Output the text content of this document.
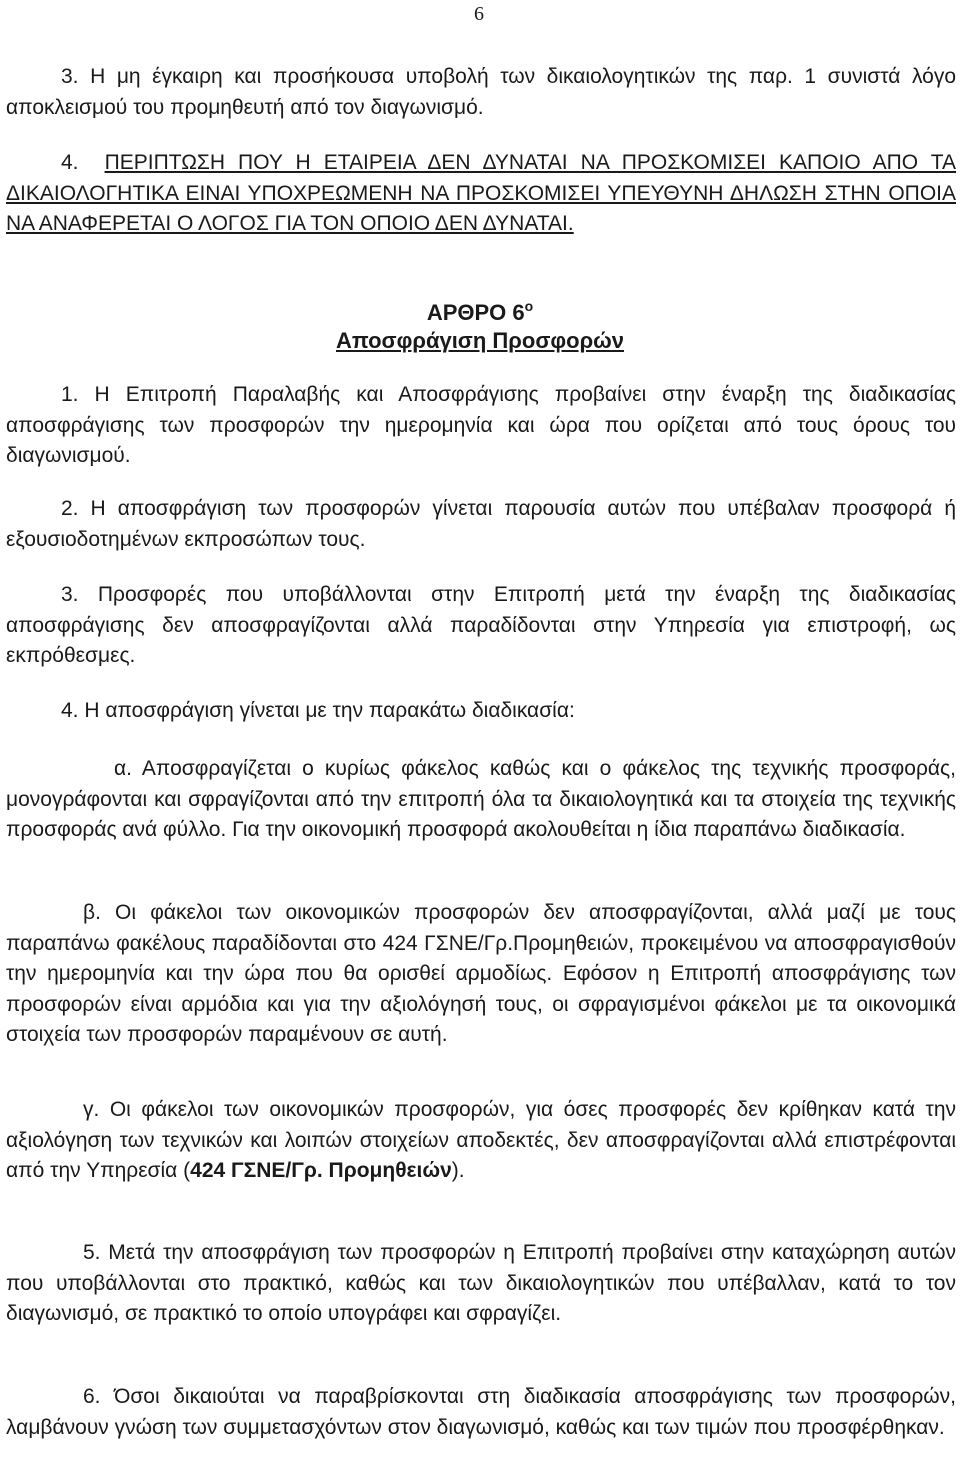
6
3. Η μη έγκαιρη και προσήκουσα υποβολή των δικαιολογητικών της παρ. 1 συνιστά λόγο αποκλεισμού του προμηθευτή από τον διαγωνισμό.
4. ΠΕΡΙΠΤΩΣΗ ΠΟΥ Η ΕΤΑΙΡΕΙΑ ΔΕΝ ΔΥΝΑΤΑΙ ΝΑ ΠΡΟΣΚΟΜΙΣΕΙ ΚΑΠΟΙΟ ΑΠΟ ΤΑ ΔΙΚΑΙΟΛΟΓΗΤΙΚΑ ΕΙΝΑΙ ΥΠΟΧΡΕΩΜΕΝΗ ΝΑ ΠΡΟΣΚΟΜΙΣΕΙ ΥΠΕΥΘΥΝΗ ΔΗΛΩΣΗ ΣΤΗΝ ΟΠΟΙΑ ΝΑ ΑΝΑΦΕΡΕΤΑΙ Ο ΛΟΓΟΣ ΓΙΑ ΤΟΝ ΟΠΟΙΟ ΔΕΝ ΔΥΝΑΤΑΙ.
ΑΡΘΡΟ $6^o$
Αποσφράγιση Προσφορών
1. Η Επιτροπή Παραλαβής και Αποσφράγισης προβαίνει στην έναρξη της διαδικασίας αποσφράγισης των προσφορών την ημερομηνία και ώρα που ορίζεται από τους όρους του διαγωνισμού.
2. Η αποσφράγιση των προσφορών γίνεται παρουσία αυτών που υπέβαλαν προσφορά ή εξουσιοδοτημένων εκπροσώπων τους.
3. Προσφορές που υποβάλλονται στην Επιτροπή μετά την έναρξη της διαδικασίας αποσφράγισης δεν αποσφραγίζονται αλλά παραδίδονται στην Υπηρεσία για επιστροφή, ως εκπρόθεσμες.
4. Η αποσφράγιση γίνεται με την παρακάτω διαδικασία:
α. Αποσφραγίζεται ο κυρίως φάκελος καθώς και ο φάκελος της τεχνικής προσφοράς, μονογράφονται και σφραγίζονται από την επιτροπή όλα τα δικαιολογητικά και τα στοιχεία της τεχνικής προσφοράς ανά φύλλο. Για την οικονομική προσφορά ακολουθείται η ίδια παραπάνω διαδικασία.
β. Οι φάκελοι των οικονομικών προσφορών δεν αποσφραγίζονται, αλλά μαζί με τους παραπάνω φακέλους παραδίδονται στο 424 ΓΣΝΕ/Γρ.Προμηθειών, προκειμένου να αποσφραγισθούν την ημερομηνία και την ώρα που θα ορισθεί αρμοδίως. Εφόσον η Επιτροπή αποσφράγισης των προσφορών είναι αρμόδια και για την αξιολόγησή τους, οι σφραγισμένοι φάκελοι με τα οικονομικά στοιχεία των προσφορών παραμένουν σε αυτή.
γ. Οι φάκελοι των οικονομικών προσφορών, για όσες προσφορές δεν κρίθηκαν κατά την αξιολόγηση των τεχνικών και λοιπών στοιχείων αποδεκτές, δεν αποσφραγίζονται αλλά επιστρέφονται από την Υπηρεσία (424 ΓΣΝΕ/Γρ. Προμηθειών).
5. Μετά την αποσφράγιση των προσφορών η Επιτροπή προβαίνει στην καταχώρηση αυτών που υποβάλλονται στο πρακτικό, καθώς και των δικαιολογητικών που υπέβαλλαν, κατά το τον διαγωνισμό, σε πρακτικό το οποίο υπογράφει και σφραγίζει.
6. Όσοι δικαιούται να παραβρίσκονται στη διαδικασία αποσφράγισης των προσφορών, λαμβάνουν γνώση των συμμετασχόντων στον διαγωνισμό, καθώς και των τιμών που προσφέρθηκαν.
